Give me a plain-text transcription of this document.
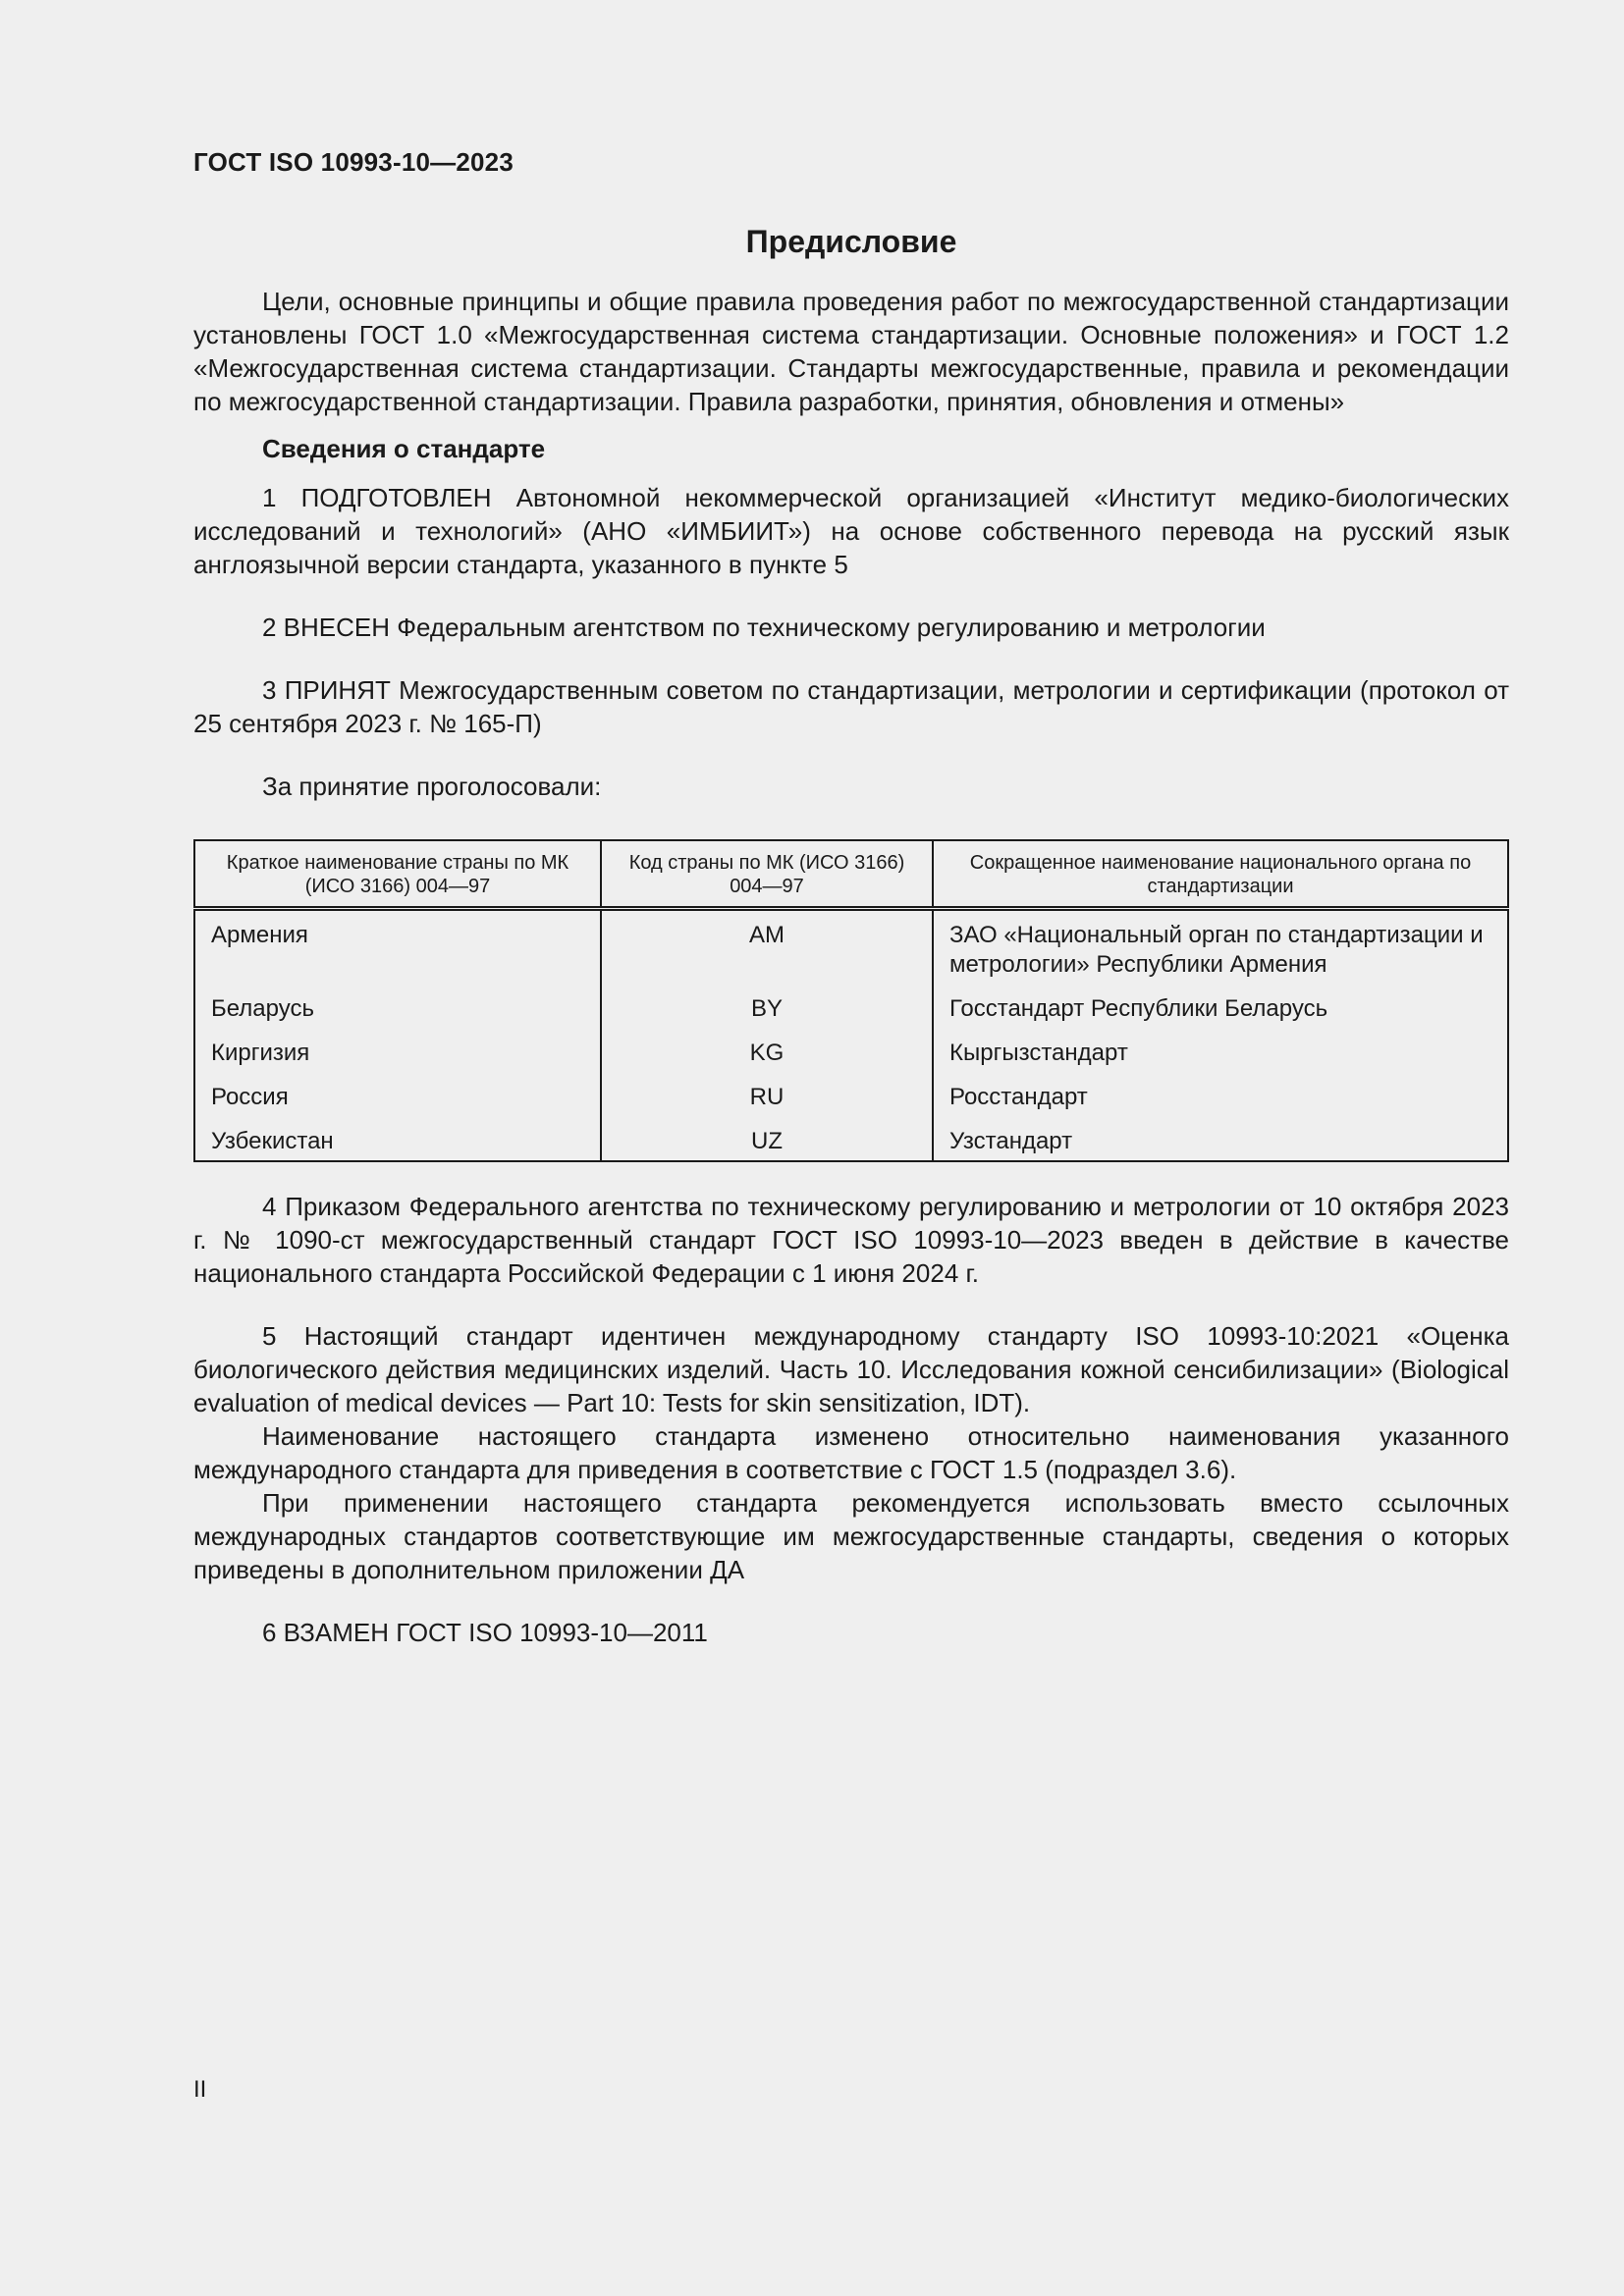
ГОСТ ISO 10993-10—2023
Предисловие

Цели, основные принципы и общие правила проведения работ по межгосударственной стандартизации установлены ГОСТ 1.0 «Межгосударственная система стандартизации. Основные положения» и ГОСТ 1.2 «Межгосударственная система стандартизации. Стандарты межгосударственные, правила и рекомендации по межгосударственной стандартизации. Правила разработки, принятия, обновления и отмены»

Сведения о стандарте

1 ПОДГОТОВЛЕН Автономной некоммерческой организацией «Институт медико-биологических исследований и технологий» (АНО «ИМБИИТ») на основе собственного перевода на русский язык англоязычной версии стандарта, указанного в пункте 5

2 ВНЕСЕН Федеральным агентством по техническому регулированию и метрологии

3 ПРИНЯТ Межгосударственным советом по стандартизации, метрологии и сертификации (протокол от 25 сентября 2023 г. № 165-П)

За принятие проголосовали:

Краткое наименование страны по МК (ИСО 3166) 004—97	Код страны по МК (ИСО 3166) 004—97	Сокращенное наименование национального органа по стандартизации
Армения	AM	ЗАО «Национальный орган по стандартизации и метрологии» Республики Армения
Беларусь	BY	Госстандарт Республики Беларусь
Киргизия	KG	Кыргызстандарт
Россия	RU	Росстандарт
Узбекистан	UZ	Узстандарт

4 Приказом Федерального агентства по техническому регулированию и метрологии от 10 октября 2023 г. № 1090-ст межгосударственный стандарт ГОСТ ISO 10993-10—2023 введен в действие в качестве национального стандарта Российской Федерации с 1 июня 2024 г.

5 Настоящий стандарт идентичен международному стандарту ISO 10993-10:2021 «Оценка биологического действия медицинских изделий. Часть 10. Исследования кожной сенсибилизации» (Biological evaluation of medical devices — Part 10: Tests for skin sensitization, IDT).

Наименование настоящего стандарта изменено относительно наименования указанного международного стандарта для приведения в соответствие с ГОСТ 1.5 (подраздел 3.6).

При применении настоящего стандарта рекомендуется использовать вместо ссылочных международных стандартов соответствующие им межгосударственные стандарты, сведения о которых приведены в дополнительном приложении ДА

6 ВЗАМЕН ГОСТ ISO 10993-10—2011

II
